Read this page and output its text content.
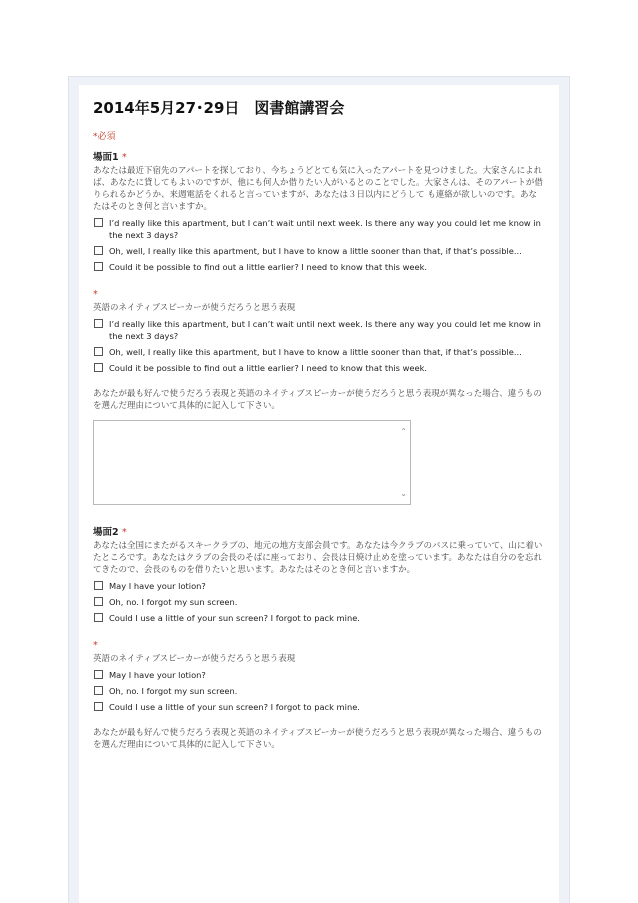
2014年5月27･29日　図書館講習会
*必須
場面1 *
あなたは最近下宿先のアパートを探しており、今ちょうどとても気に入ったアパートを見つけました。大家さんによれば、あなたに貸してもよいのですが、他にも何人か借りたい人がいるとのことでした。大家さんは、そのアパートが借りられるかどうか、来週電話をくれると言っていますが、あなたは３日以内にどうして も連絡が欲しいのです。あなたはそのとき何と言いますか。
I’d really like this apartment, but I can’t wait until next week. Is there any way you could let me know in the next 3 days?
Oh, well, I really like this apartment, but I have to know a little sooner than that, if that’s possible...
Could it be possible to find out a little earlier? I need to know that this week.
*
英語のネイティブスピーカーが使うだろうと思う表現
I’d really like this apartment, but I can’t wait until next week. Is there any way you could let me know in the next 3 days?
Oh, well, I really like this apartment, but I have to know a little sooner than that, if that’s possible...
Could it be possible to find out a little earlier? I need to know that this week.
あなたが最も好んで使うだろう表現と英語のネイティブスピーカーが使うだろうと思う表現が異なった場合、違うものを選んだ理由について具体的に記入して下さい。
⌃
⌄
場面2 *
あなたは全国にまたがるスキークラブの、地元の地方支部会員です。あなたは今クラブのバスに乗っていて、山に着いたところです。あなたはクラブの会長のそばに座っており、会長は日焼け止めを塗っています。あなたは自分のを忘れてきたので、会長のものを借りたいと思います。あなたはそのとき何と言いますか。
May I have your lotion?
Oh, no. I forgot my sun screen.
Could I use a little of your sun screen? I forgot to pack mine.
*
英語のネイティブスピーカーが使うだろうと思う表現
May I have your lotion?
Oh, no. I forgot my sun screen.
Could I use a little of your sun screen? I forgot to pack mine.
あなたが最も好んで使うだろう表現と英語のネイティブスピーカーが使うだろうと思う表現が異なった場合、違うものを選んだ理由について具体的に記入して下さい。
